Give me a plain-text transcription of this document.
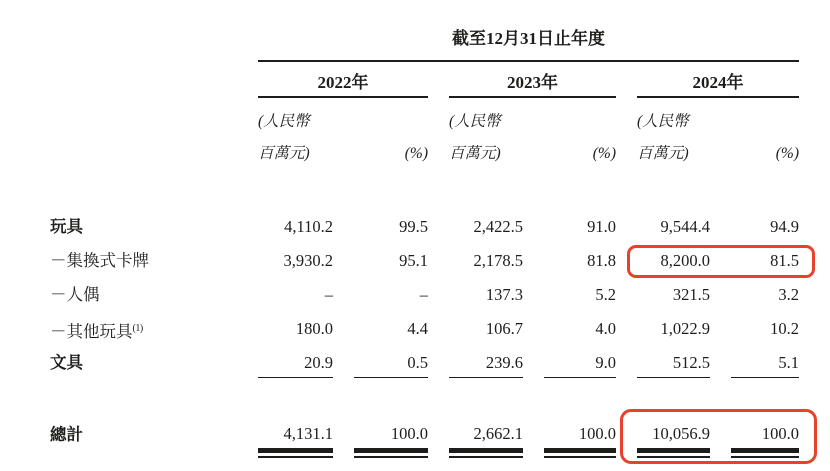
截至12月31日止年度
2022年	2023年	2024年
(人民幣	(人民幣	(人民幣
百萬元)	(%) 百萬元)	(%) 百萬元)	(%)
玩具	4,110.2	99.5	2,422.5	91.0	9,544.4	94.9
－集換式卡牌	3,930.2	95.1	2,178.5	81.8	8,200.0	81.5
－人偶	–	–	137.3	5.2	321.5	3.2
－其他玩具$^{(1)}$	180.0	4.4	106.7	4.0	1,022.9	10.2
文具	20.9	0.5	239.6	9.0	512.5	5.1
總計	4,131.1	100.0	2,662.1	100.0	10,056.9	100.0
